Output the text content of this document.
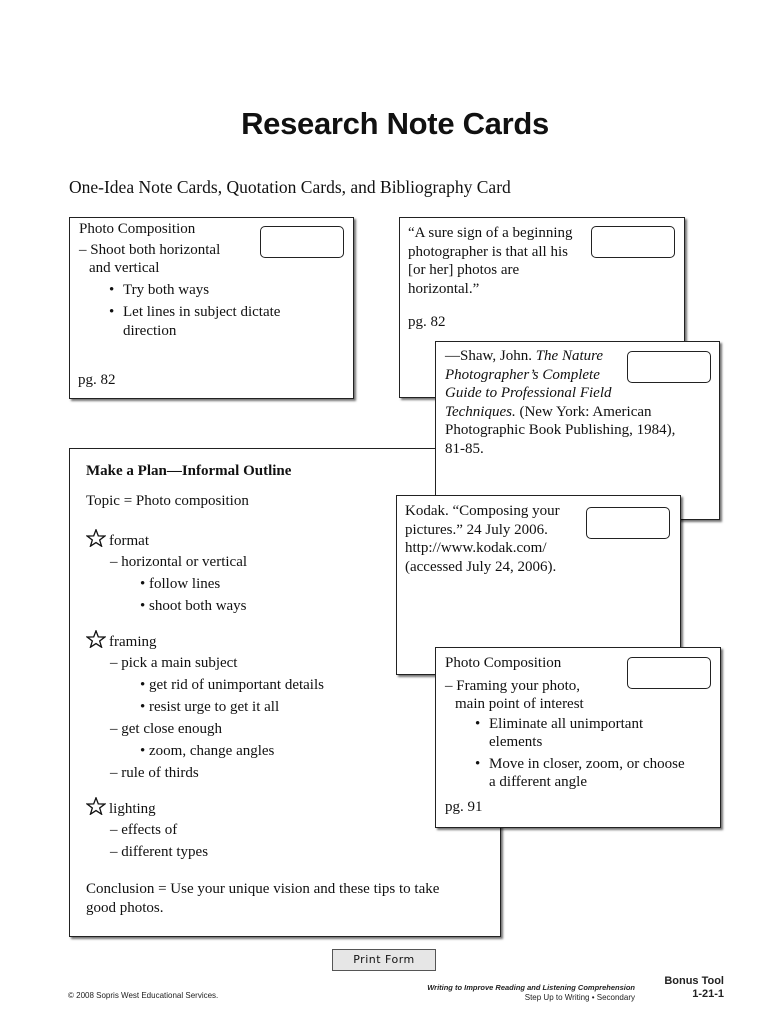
Research Note Cards
One-Idea Note Cards, Quotation Cards, and Bibliography Card

Photo Composition

– Shoot both horizontal

and vertical

• Try both ways

• Let lines in subject dictate

direction

pg. 82

“A sure sign of a beginning

photographer is that all his

[or her] photos are

horizontal.”

pg. 82

Make a Plan—Informal Outline
Topic = Photo composition
format
– horizontal or vertical
• follow lines
• shoot both ways
framing
– pick a main subject
• get rid of unimportant details
• resist urge to get it all
– get close enough
• zoom, change angles
– rule of thirds
lighting
– effects of
– different types
Conclusion = Use your unique vision and these tips to take
good photos.

—Shaw, John. The Nature

Photographer’s Complete

Guide to Professional Field

Techniques. (New York: American

Photographic Book Publishing, 1984),

81-85.

Kodak. “Composing your

pictures.” 24 July 2006.

http://www.kodak.com/

(accessed July 24, 2006).

Photo Composition

– Framing your photo,

main point of interest

• Eliminate all unimportant

elements

• Move in closer, zoom, or choose

a different angle

pg. 91

Print Form
© 2008 Sopris West Educational Services.
Writing to Improve Reading and Listening Comprehension
Step Up to Writing • Secondary
Bonus Tool
1-21-1
